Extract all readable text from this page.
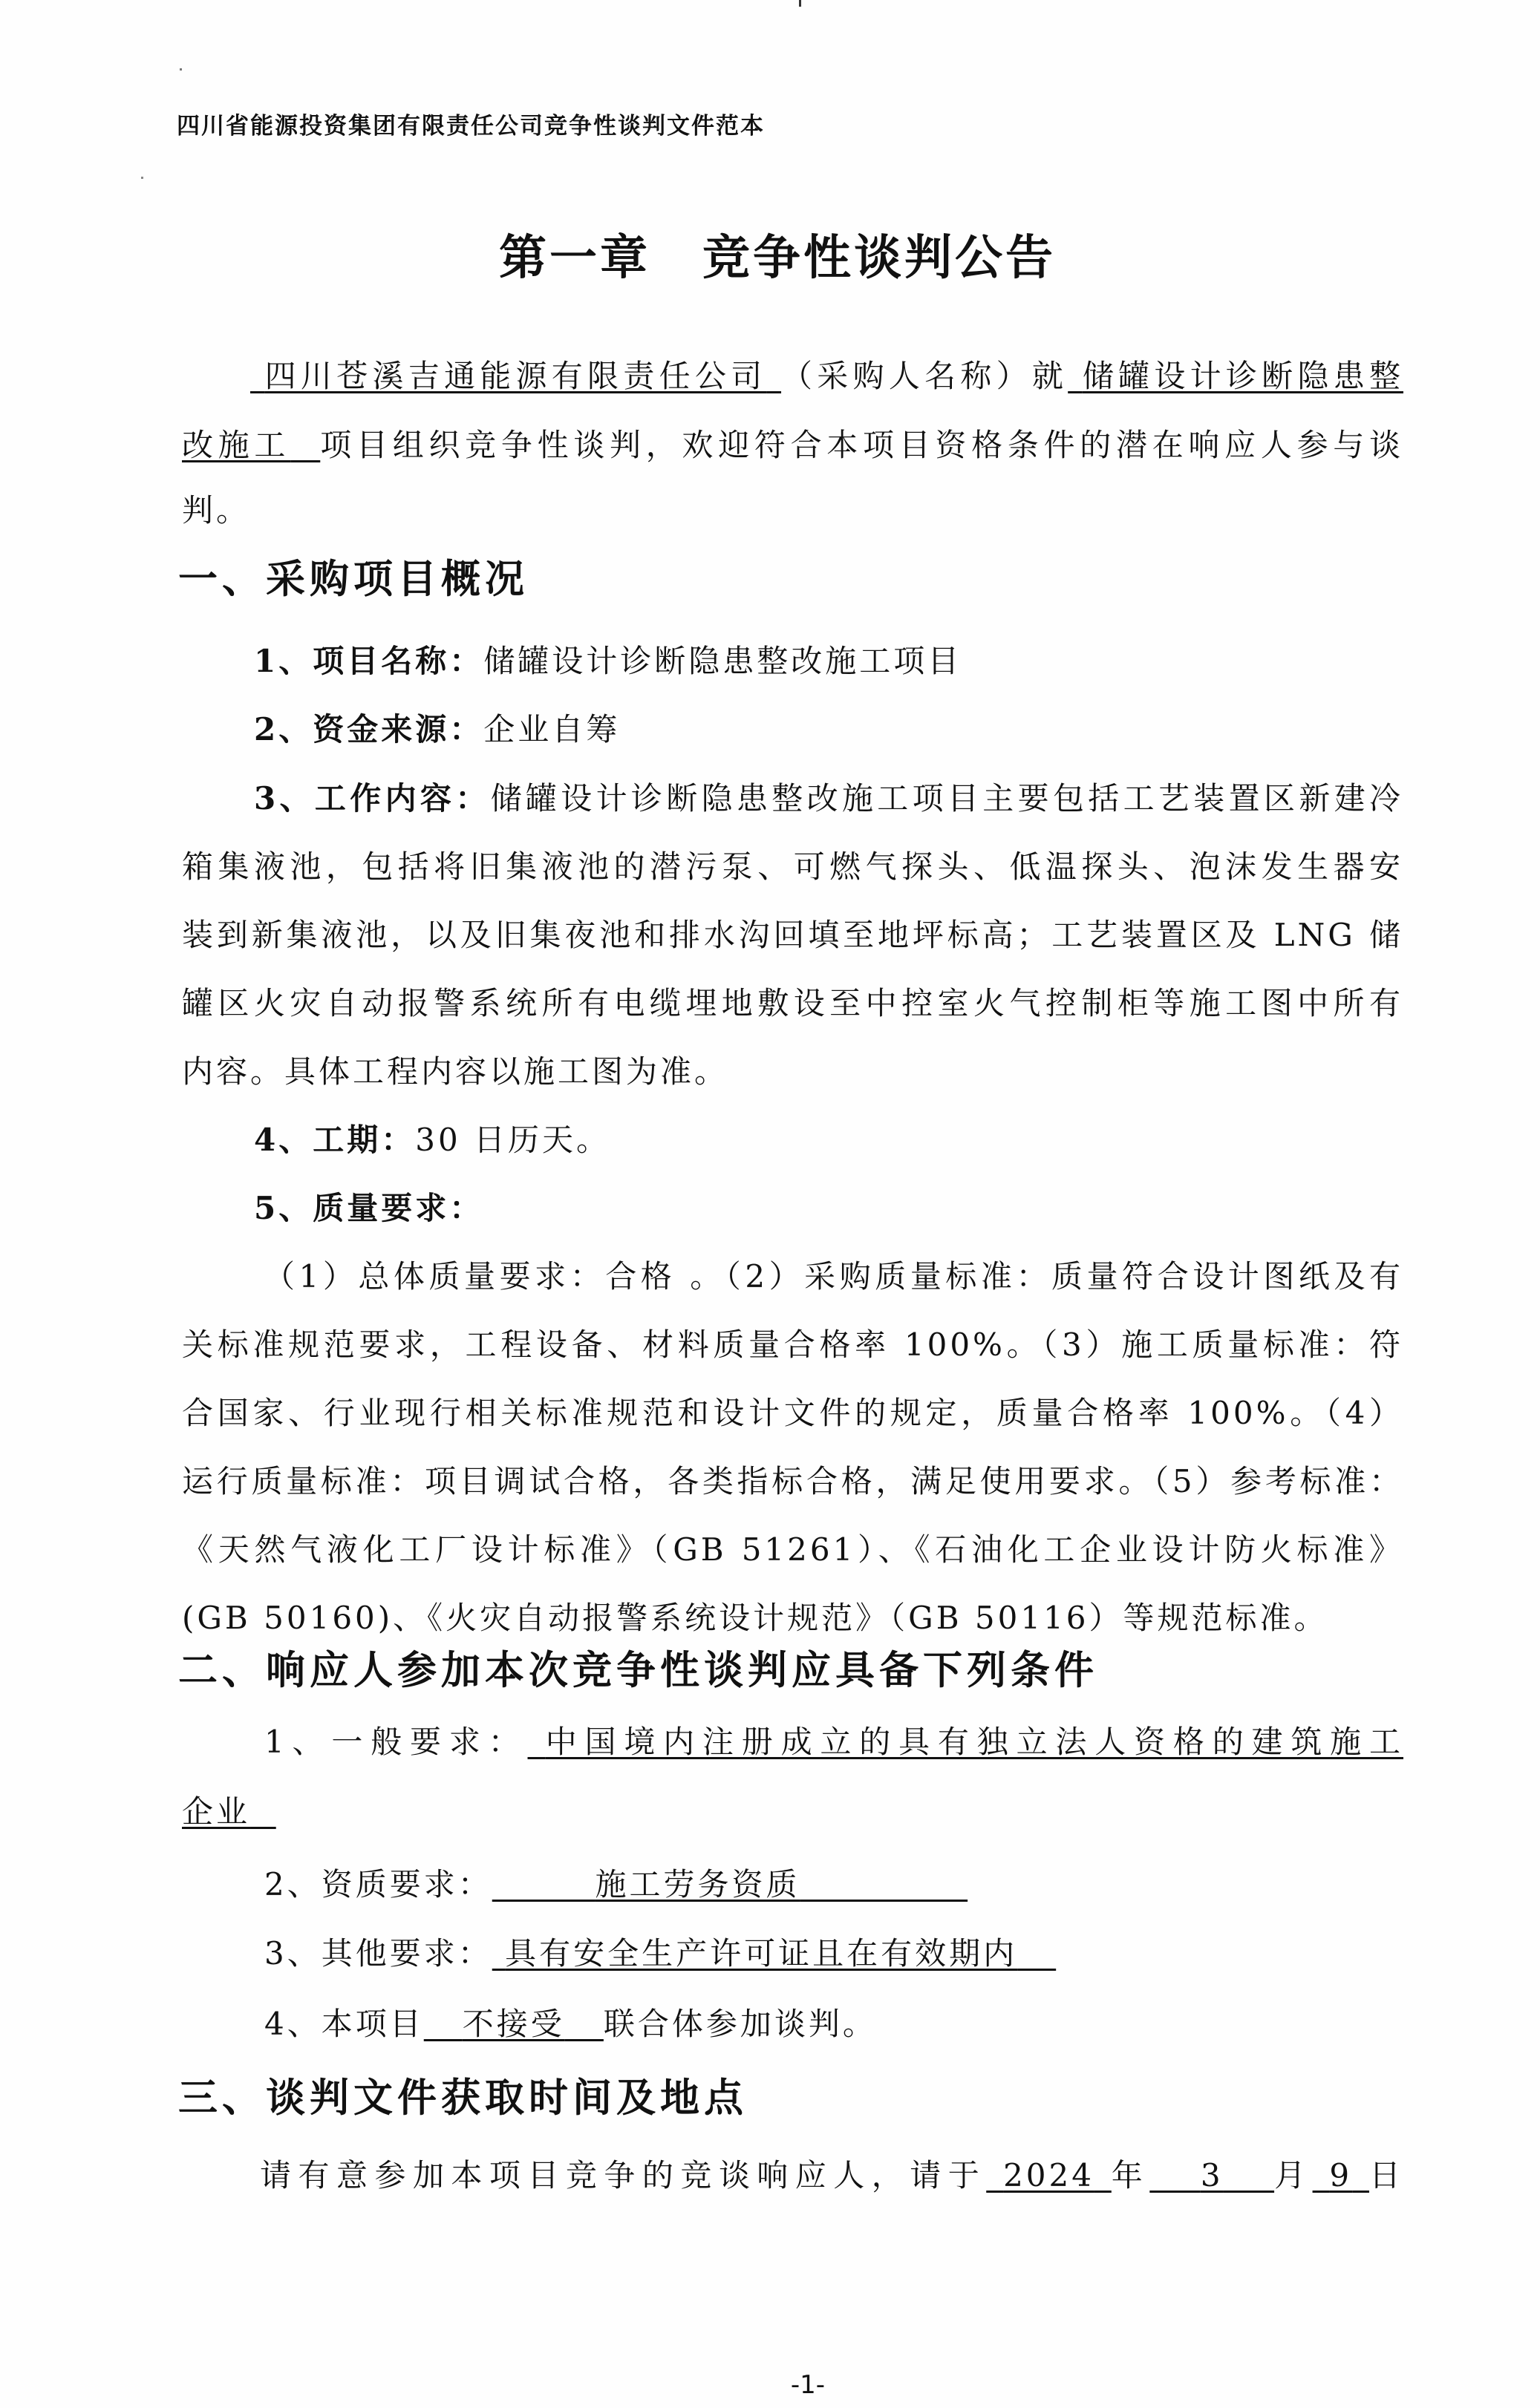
四川省能源投资集团有限责任公司竞争性谈判文件范本
第一章 竞争性谈判公告
四川苍溪吉通能源有限责任公司 （采购人名称）就 储罐设计诊断隐患整
改施工 项目组织竞争性谈判，欢迎符合本项目资格条件的潜在响应人参与谈
判。
一、采购项目概况
1、项目名称：储罐设计诊断隐患整改施工项目
2、资金来源：企业自筹
3、工作内容：储罐设计诊断隐患整改施工项目主要包括工艺装置区新建冷
箱集液池，包括将旧集液池的潜污泵、可燃气探头、低温探头、泡沫发生器安
装到新集液池，以及旧集夜池和排水沟回填至地坪标高；工艺装置区及 LNG 储
罐区火灾自动报警系统所有电缆埋地敷设至中控室火气控制柜等施工图中所有
内容。具体工程内容以施工图为准。
4、工期：30 日历天。
5、质量要求：
（1）总体质量要求：合格 。（2）采购质量标准：质量符合设计图纸及有
关标准规范要求，工程设备、材料质量合格率 100%。（3）施工质量标准：符
合国家、行业现行相关标准规范和设计文件的规定，质量合格率 100%。（4）
运行质量标准：项目调试合格，各类指标合格，满足使用要求。（5）参考标准：
《天然气液化工厂设计标准》（GB 51261）、《石油化工企业设计防火标准》
(GB 50160)、《火灾自动报警系统设计规范》（GB 50116）等规范标准。
二、响应人参加本次竞争性谈判应具备下列条件
1、一般要求： 中国境内注册成立的具有独立法人资格的建筑施工
企业
2、资质要求：	施工劳务资质
3、其他要求： 具有安全生产许可证且在有效期内
4、本项目 不接受 联合体参加谈判。
三、谈判文件获取时间及地点
请有意参加本项目竞争的竞谈响应人，请于 2024 年 3 月 9 日
-1-
